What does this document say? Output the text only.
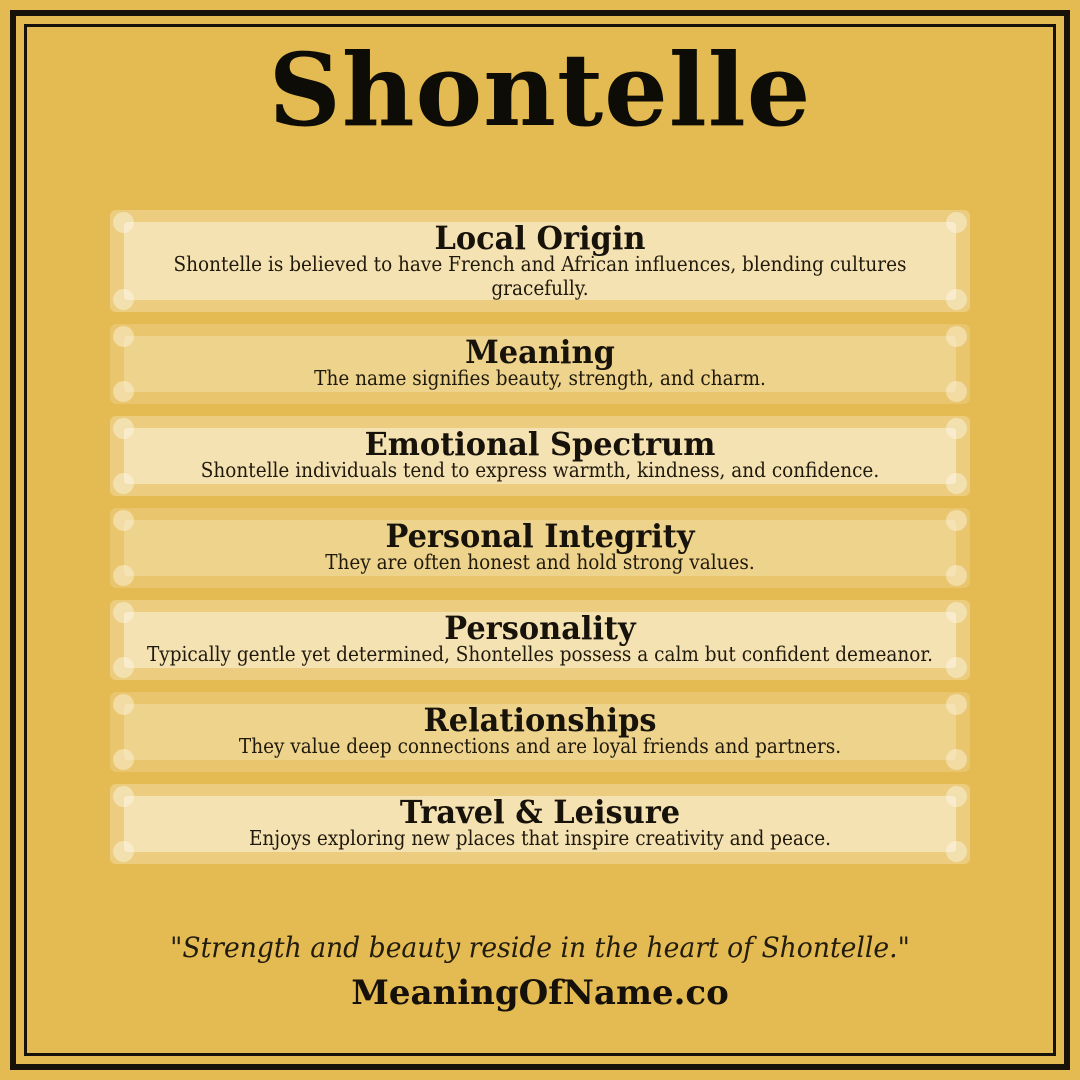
Shontelle
Local Origin

Shontelle is believed to have French and African influences, blending cultures gracefully.

Meaning

The name signifies beauty, strength, and charm.

Emotional Spectrum

Shontelle individuals tend to express warmth, kindness, and confidence.

Personal Integrity

They are often honest and hold strong values.

Personality

Typically gentle yet determined, Shontelles possess a calm but confident demeanor.

Relationships

They value deep connections and are loyal friends and partners.

Travel & Leisure

Enjoys exploring new places that inspire creativity and peace.

"Strength and beauty reside in the heart of Shontelle."

MeaningOfName.co
